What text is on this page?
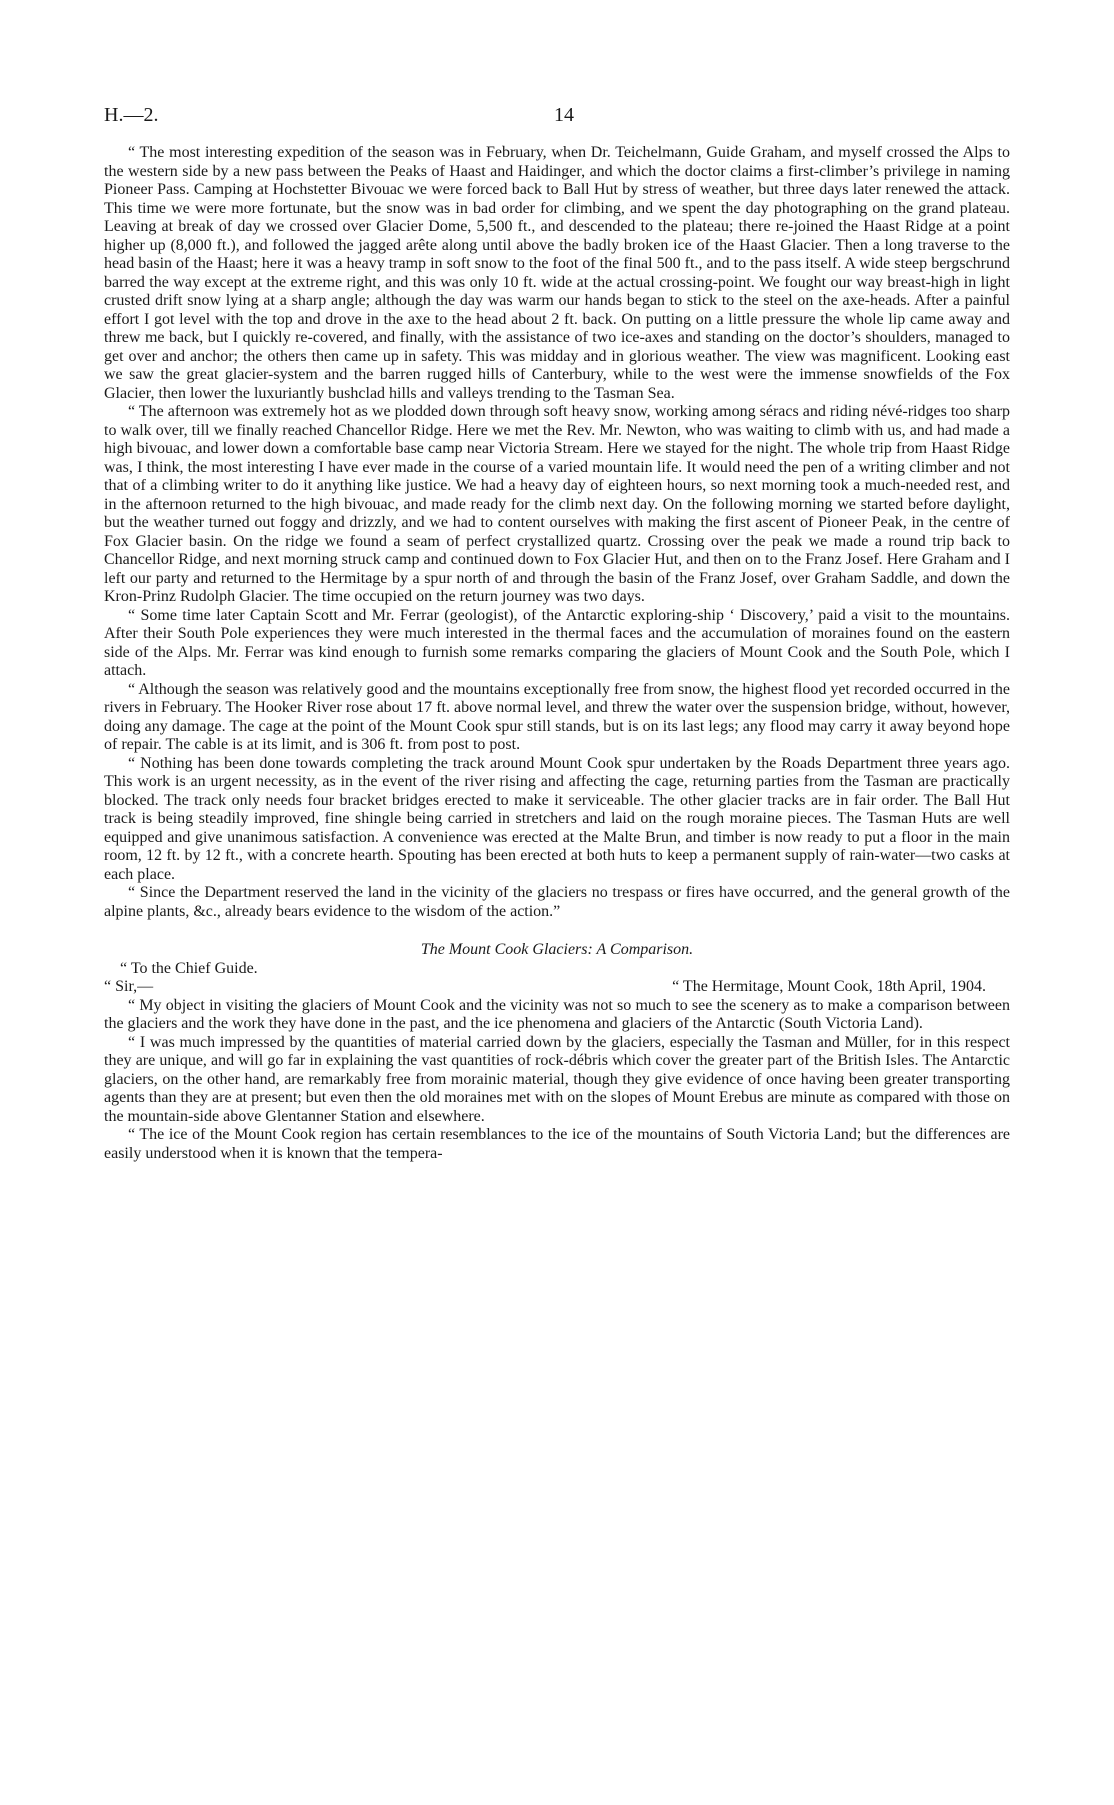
H.—2.	14

“ The most interesting expedition of the season was in February, when Dr. Teichelmann, Guide Graham, and myself crossed the Alps to the western side by a new pass between the Peaks of Haast and Haidinger, and which the doctor claims a first-climber’s privilege in naming Pioneer Pass. Camping at Hochstetter Bivouac we were forced back to Ball Hut by stress of weather, but three days later renewed the attack. This time we were more fortunate, but the snow was in bad order for climbing, and we spent the day photographing on the grand plateau. Leaving at break of day we crossed over Glacier Dome, 5,500 ft., and descended to the plateau; there re-joined the Haast Ridge at a point higher up (8,000 ft.), and followed the jagged arête along until above the badly broken ice of the Haast Glacier. Then a long traverse to the head basin of the Haast; here it was a heavy tramp in soft snow to the foot of the final 500 ft., and to the pass itself. A wide steep bergschrund barred the way except at the extreme right, and this was only 10 ft. wide at the actual crossing-point. We fought our way breast-high in light crusted drift snow lying at a sharp angle; although the day was warm our hands began to stick to the steel on the axe-heads. After a painful effort I got level with the top and drove in the axe to the head about 2 ft. back. On putting on a little pressure the whole lip came away and threw me back, but I quickly re-covered, and finally, with the assistance of two ice-axes and standing on the doctor’s shoulders, managed to get over and anchor; the others then came up in safety. This was midday and in glorious weather. The view was magnificent. Looking east we saw the great glacier-system and the barren rugged hills of Canterbury, while to the west were the immense snowfields of the Fox Glacier, then lower the luxuriantly bushclad hills and valleys trending to the Tasman Sea.

“ The afternoon was extremely hot as we plodded down through soft heavy snow, working among séracs and riding névé-ridges too sharp to walk over, till we finally reached Chancellor Ridge. Here we met the Rev. Mr. Newton, who was waiting to climb with us, and had made a high bivouac, and lower down a comfortable base camp near Victoria Stream. Here we stayed for the night. The whole trip from Haast Ridge was, I think, the most interesting I have ever made in the course of a varied mountain life. It would need the pen of a writing climber and not that of a climbing writer to do it anything like justice. We had a heavy day of eighteen hours, so next morning took a much-needed rest, and in the afternoon returned to the high bivouac, and made ready for the climb next day. On the following morning we started before daylight, but the weather turned out foggy and drizzly, and we had to content ourselves with making the first ascent of Pioneer Peak, in the centre of Fox Glacier basin. On the ridge we found a seam of perfect crystallized quartz. Crossing over the peak we made a round trip back to Chancellor Ridge, and next morning struck camp and continued down to Fox Glacier Hut, and then on to the Franz Josef. Here Graham and I left our party and returned to the Hermitage by a spur north of and through the basin of the Franz Josef, over Graham Saddle, and down the Kron-Prinz Rudolph Glacier. The time occupied on the return journey was two days.

“ Some time later Captain Scott and Mr. Ferrar (geologist), of the Antarctic exploring-ship ‘ Discovery,’ paid a visit to the mountains. After their South Pole experiences they were much interested in the thermal faces and the accumulation of moraines found on the eastern side of the Alps. Mr. Ferrar was kind enough to furnish some remarks comparing the glaciers of Mount Cook and the South Pole, which I attach.

“ Although the season was relatively good and the mountains exceptionally free from snow, the highest flood yet recorded occurred in the rivers in February. The Hooker River rose about 17 ft. above normal level, and threw the water over the suspension bridge, without, however, doing any damage. The cage at the point of the Mount Cook spur still stands, but is on its last legs; any flood may carry it away beyond hope of repair. The cable is at its limit, and is 306 ft. from post to post.

“ Nothing has been done towards completing the track around Mount Cook spur undertaken by the Roads Department three years ago. This work is an urgent necessity, as in the event of the river rising and affecting the cage, returning parties from the Tasman are practically blocked. The track only needs four bracket bridges erected to make it serviceable. The other glacier tracks are in fair order. The Ball Hut track is being steadily improved, fine shingle being carried in stretchers and laid on the rough moraine pieces. The Tasman Huts are well equipped and give unanimous satisfaction. A convenience was erected at the Malte Brun, and timber is now ready to put a floor in the main room, 12 ft. by 12 ft., with a concrete hearth. Spouting has been erected at both huts to keep a permanent supply of rain-water—two casks at each place.

“ Since the Department reserved the land in the vicinity of the glaciers no trespass or fires have occurred, and the general growth of the alpine plants, &c., already bears evidence to the wisdom of the action.”

The Mount Cook Glaciers: A Comparison.
“ To the Chief Guide.
“ Sir,—	“ The Hermitage, Mount Cook, 18th April, 1904.

“ My object in visiting the glaciers of Mount Cook and the vicinity was not so much to see the scenery as to make a comparison between the glaciers and the work they have done in the past, and the ice phenomena and glaciers of the Antarctic (South Victoria Land).

“ I was much impressed by the quantities of material carried down by the glaciers, especially the Tasman and Müller, for in this respect they are unique, and will go far in explaining the vast quantities of rock-débris which cover the greater part of the British Isles. The Antarctic glaciers, on the other hand, are remarkably free from morainic material, though they give evidence of once having been greater transporting agents than they are at present; but even then the old moraines met with on the slopes of Mount Erebus are minute as compared with those on the mountain-side above Glentanner Station and elsewhere.

“ The ice of the Mount Cook region has certain resemblances to the ice of the mountains of South Victoria Land; but the differences are easily understood when it is known that the tempera-
